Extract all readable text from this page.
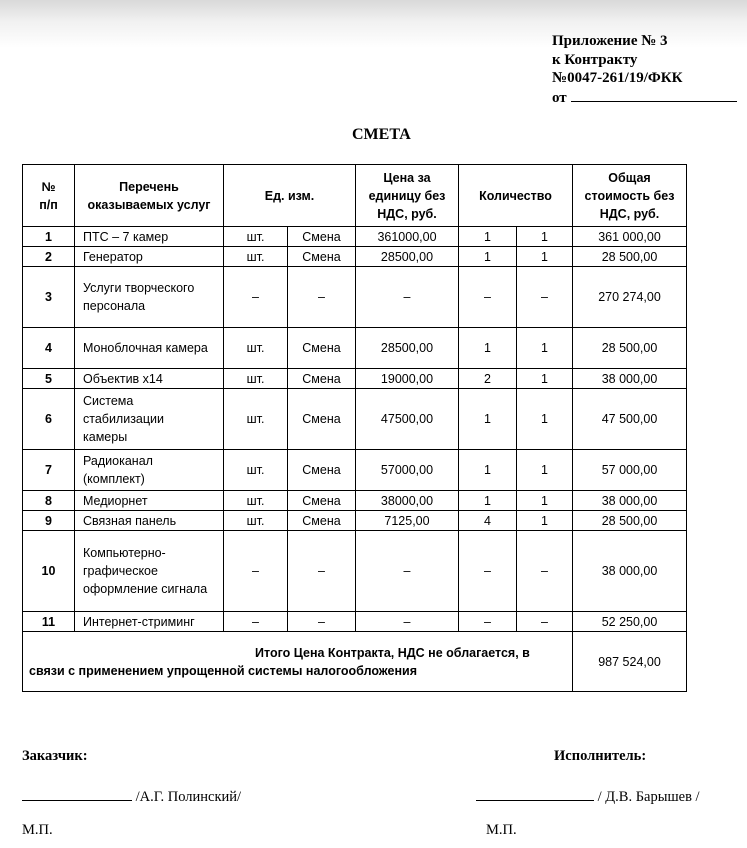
Приложение № 3
к Контракту
№0047-261/19/ФКК
от
СМЕТА
№ п/п	Перечень оказываемых услуг	Ед. изм.		Цена за единицу без НДС, руб.	Количество		Общая стоимость без НДС, руб.
1	ПТС – 7 камер	шт.	Смена	361000,00	1	1	361 000,00
2	Генератор	шт.	Смена	28500,00	1	1	28 500,00
3	Услуги творческого персонала	–	–	–	–	–	270 274,00
4	Моноблочная камера	шт.	Смена	28500,00	1	1	28 500,00
5	Объектив х14	шт.	Смена	19000,00	2	1	38 000,00
6	Система стабилизации камеры	шт.	Смена	47500,00	1	1	47 500,00
7	Радиоканал (комплект)	шт.	Смена	57000,00	1	1	57 000,00
8	Медиорнет	шт.	Смена	38000,00	1	1	38 000,00
9	Связная панель	шт.	Смена	7125,00	4	1	28 500,00
10	Компьютерно-графическое оформление сигнала	–	–	–	–	–	38 000,00
11	Интернет-стриминг	–	–	–	–	–	52 250,00

Итого Цена Контракта, НДС не облагается, в
связи с применением упрощенной системы налогообложения							987 524,00
Заказчик:	Исполнитель:
/А.Г. Полинский/	/ Д.В. Барышев /
М.П.	М.П.
